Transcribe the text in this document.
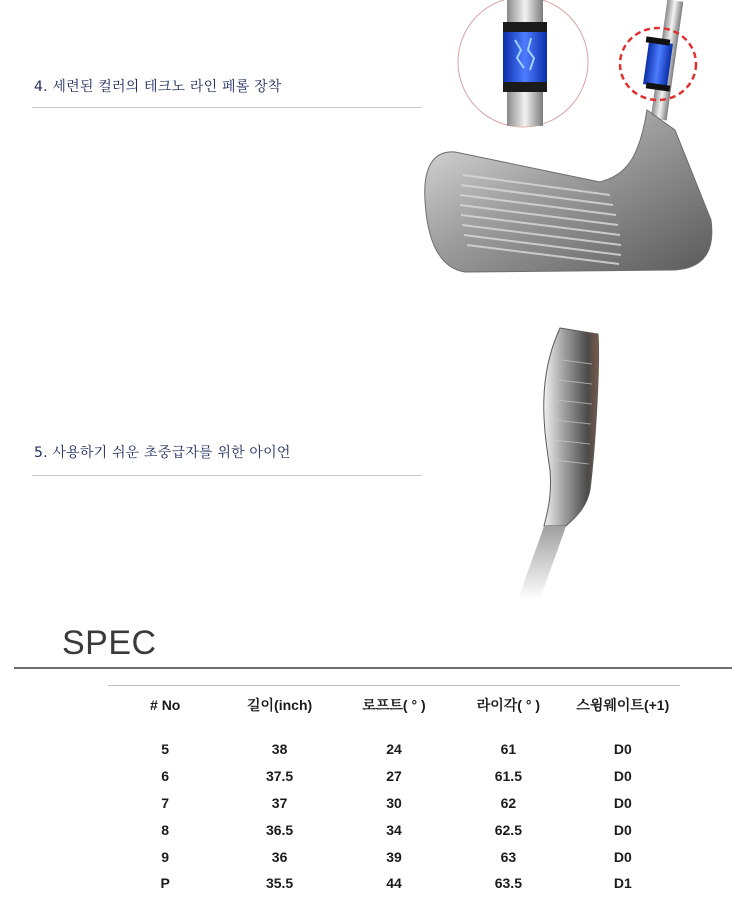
4. 세련된 컬러의 테크노 라인 페롤 장착
5. 사용하기 쉬운 초중급자를 위한 아이언
SPEC
# No	길이(inch)	로프트( ° )	라이각( ° )	스윙웨이트(+1)
5	38	24	61	D0
6	37.5	27	61.5	D0
7	37	30	62	D0
8	36.5	34	62.5	D0
9	36	39	63	D0
P	35.5	44	63.5	D1
